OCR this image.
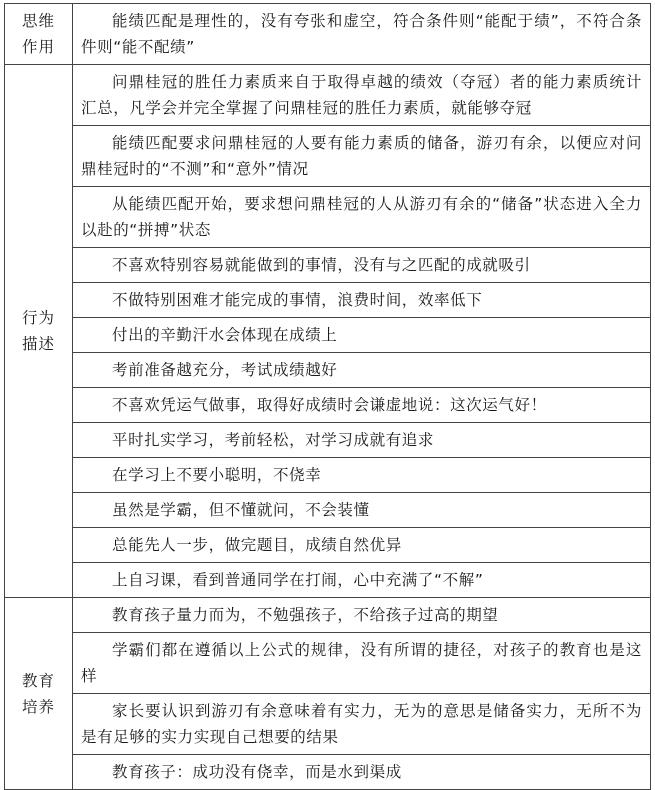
思维
作用	能绩匹配是理性的，没有夸张和虚空，符合条件则“能配于绩”，不符合条件则“能不配绩”

行为
描述	问鼎桂冠的胜任力素质来自于取得卓越的绩效（夺冠）者的能力素质统计汇总，凡学会并完全掌握了问鼎桂冠的胜任力素质，就能够夺冠
	能绩匹配要求问鼎桂冠的人要有能力素质的储备，游刃有余，以便应对问鼎桂冠时的“不测”和“意外”情况
	从能绩匹配开始，要求想问鼎桂冠的人从游刃有余的“储备”状态进入全力以赴的“拼搏”状态
	不喜欢特别容易就能做到的事情，没有与之匹配的成就吸引
	不做特别困难才能完成的事情，浪费时间，效率低下
	付出的辛勤汗水会体现在成绩上
	考前准备越充分，考试成绩越好
	不喜欢凭运气做事，取得好成绩时会谦虚地说：这次运气好！
	平时扎实学习，考前轻松，对学习成就有追求
	在学习上不要小聪明，不侥幸
	虽然是学霸，但不懂就问，不会装懂
	总能先人一步，做完题目，成绩自然优异
	上自习课，看到普通同学在打闹，心中充满了“不解”

教育
培养	教育孩子量力而为，不勉强孩子，不给孩子过高的期望
	学霸们都在遵循以上公式的规律，没有所谓的捷径，对孩子的教育也是这样
	家长要认识到游刃有余意味着有实力，无为的意思是储备实力，无所不为是有足够的实力实现自己想要的结果
	教育孩子：成功没有侥幸，而是水到渠成
